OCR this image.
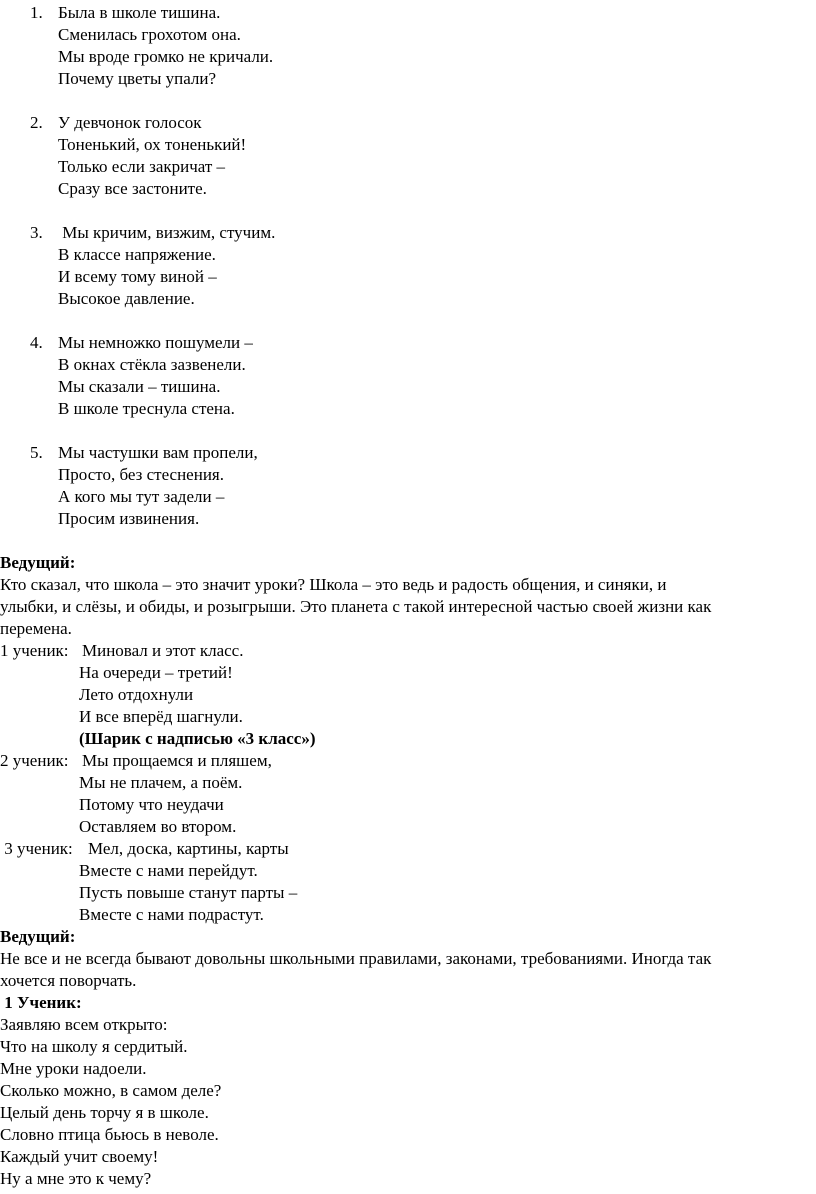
1. Была в школе тишина.
Сменилась грохотом она.
Мы вроде громко не кричали.
Почему цветы упали?
2. У девчонок голосок
Тоненький, ох тоненький!
Только если закричат –
Сразу все застоните.
3. Мы кричим, визжим, стучим.
В классе напряжение.
И всему тому виной –
Высокое давление.
4. Мы немножко пошумели –
В окнах стёкла зазвенели.
Мы сказали – тишина.
В школе треснула стена.
5. Мы частушки вам пропели,
Просто, без стеснения.
А кого мы тут задели –
Просим извинения.
Ведущий:
Кто сказал, что школа – это значит уроки? Школа – это ведь и радость общения, и синяки, и
улыбки, и слёзы, и обиды, и розыгрыши. Это планета с такой интересной частью своей жизни как
перемена.
1 ученик: Миновал и этот класс.
На очереди – третий!
Лето отдохнули
И все вперёд шагнули.
(Шарик с надписью «3 класс»)
2 ученик: Мы прощаемся и пляшем,
Мы не плачем, а поём.
Потому что неудачи
Оставляем во втором.
3 ученик: Мел, доска, картины, карты
Вместе с нами перейдут.
Пусть повыше станут парты –
Вместе с нами подрастут.
Ведущий:
Не все и не всегда бывают довольны школьными правилами, законами, требованиями. Иногда так
хочется поворчать.
1 Ученик:
Заявляю всем открыто:
Что на школу я сердитый.
Мне уроки надоели.
Сколько можно, в самом деле?
Целый день торчу я в школе.
Словно птица бьюсь в неволе.
Каждый учит своему!
Ну а мне это к чему?
